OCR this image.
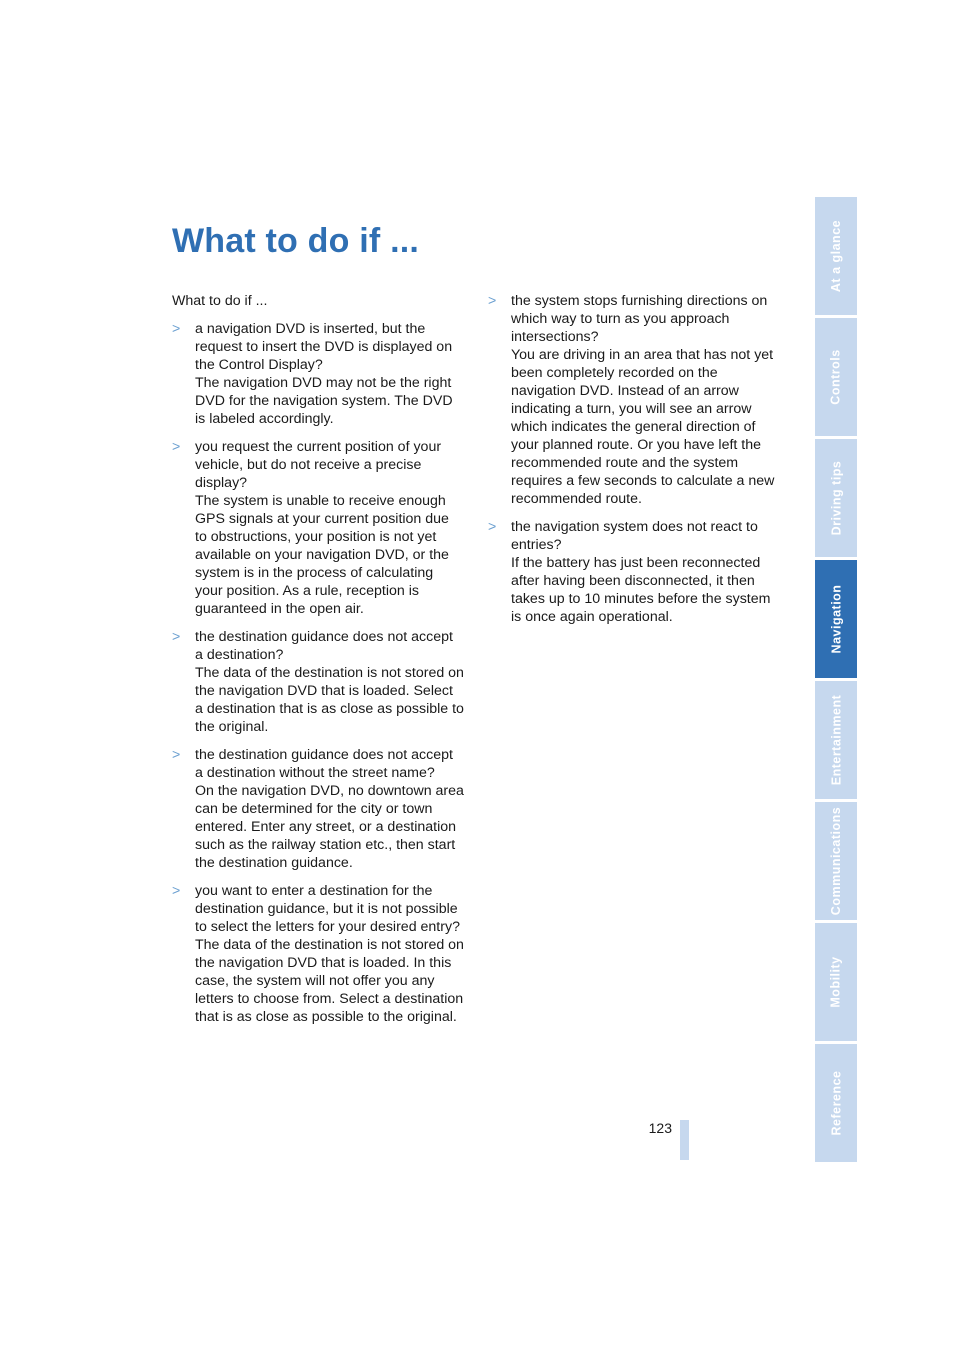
What to do if ...

What to do if ...

>	a navigation DVD is inserted, but the request to insert the DVD is displayed on the Control Display?

The navigation DVD may not be the right DVD for the navigation system. The DVD is labeled accordingly.

>	you request the current position of your vehicle, but do not receive a precise display?

The system is unable to receive enough GPS signals at your current position due to obstructions, your position is not yet available on your navigation DVD, or the system is in the process of calculating your position. As a rule, reception is guaranteed in the open air.

>	the destination guidance does not accept a destination?

The data of the destination is not stored on the navigation DVD that is loaded. Select a destination that is as close as possible to the original.

>	the destination guidance does not accept a destination without the street name?

On the navigation DVD, no downtown area can be determined for the city or town entered. Enter any street, or a destination such as the railway station etc., then start the destination guidance.

>	you want to enter a destination for the destination guidance, but it is not possible to select the letters for your desired entry?

The data of the destination is not stored on the navigation DVD that is loaded. In this case, the system will not offer you any letters to choose from. Select a destination that is as close as possible to the original.

>	the system stops furnishing directions on which way to turn as you approach intersections?

You are driving in an area that has not yet been completely recorded on the navigation DVD. Instead of an arrow indicating a turn, you will see an arrow which indicates the general direction of your planned route. Or you have left the recommended route and the system requires a few seconds to calculate a new recommended route.

>	the navigation system does not react to entries?

If the battery has just been reconnected after having been disconnected, it then takes up to 10 minutes before the system is once again operational.

123
At a glance
Controls
Driving tips
Navigation
Entertainment
Communications
Mobility
Reference
